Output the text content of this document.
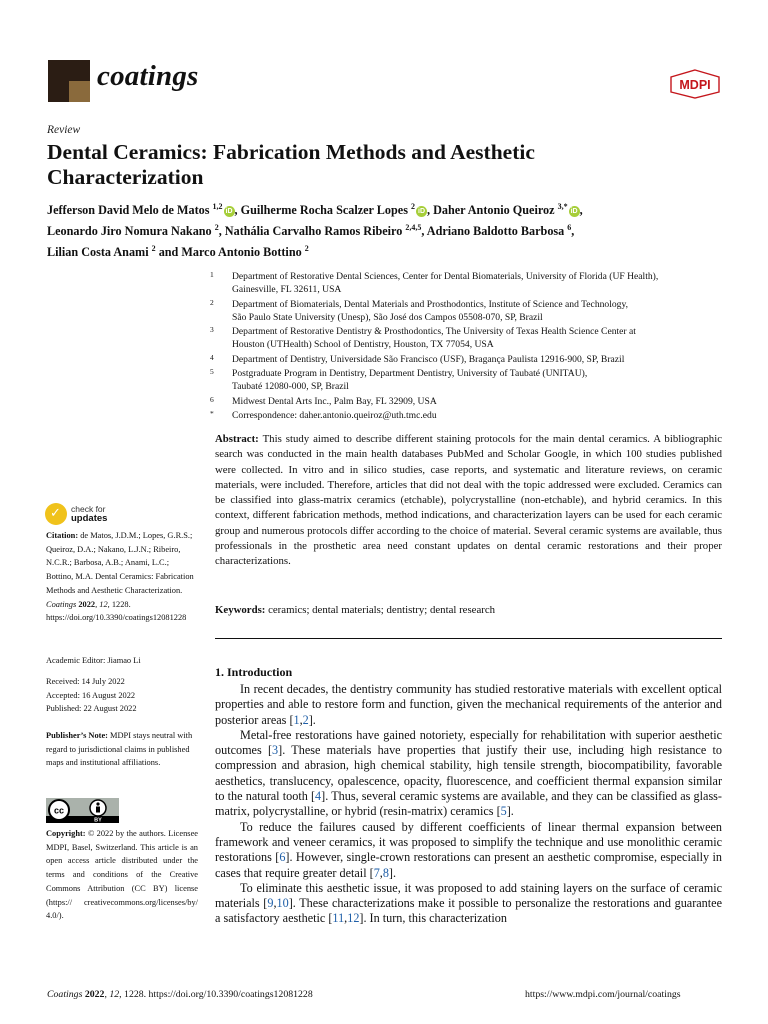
coatings	MDPI
Review
Dental Ceramics: Fabrication Methods and Aesthetic Characterization
Jefferson David Melo de Matos $^{1,2}$iD , Guilherme Rocha Scalzer Lopes $^2$iD , Daher Antonio Queiroz $^{3,*}$iD ,
Leonardo Jiro Nomura Nakano $^2$, Nathália Carvalho Ramos Ribeiro $^{2,4,5}$, Adriano Baldotto Barbosa $^6$,
Lilian Costa Anami $^2$ and Marco Antonio Bottino $^2$
1 Department of Restorative Dental Sciences, Center for Dental Biomaterials, University of Florida (UF Health),
Gainesville, FL 32611, USA
2 Department of Biomaterials, Dental Materials and Prosthodontics, Institute of Science and Technology,
São Paulo State University (Unesp), São José dos Campos 05508-070, SP, Brazil
3 Department of Restorative Dentistry & Prosthodontics, The University of Texas Health Science Center at
Houston (UTHealth) School of Dentistry, Houston, TX 77054, USA
4 Department of Dentistry, Universidade São Francisco (USF), Bragança Paulista 12916-900, SP, Brazil
5 Postgraduate Program in Dentistry, Department Dentistry, University of Taubaté (UNITAU),
Taubaté 12080-000, SP, Brazil
6 Midwest Dental Arts Inc., Palm Bay, FL 32909, USA
* Correspondence: daher.antonio.queiroz@uth.tmc.edu
Abstract: This study aimed to describe different staining protocols for the main dental ceramics. A bibliographic search was conducted in the main health databases PubMed and Scholar Google, in which 100 studies published were collected. In vitro and in silico studies, case reports, and systematic and literature reviews, on ceramic materials, were included. Therefore, articles that did not deal with the topic addressed were excluded. Ceramics can be classified into glass-matrix ceramics (etchable), polycrystalline (non-etchable), and hybrid ceramics. In this context, different fabrication methods, method indications, and characterization layers can be used for each ceramic group and numerous protocols differ according to the choice of material. Several ceramic systems are available, thus professionals in the prosthetic area need constant updates on dental ceramic restorations and their proper characterizations.
Keywords: ceramics; dental materials; dentistry; dental research
✓ check for
updates
Citation: de Matos, J.D.M.; Lopes, G.R.S.; Queiroz, D.A.; Nakano, L.J.N.; Ribeiro, N.C.R.; Barbosa, A.B.; Anami, L.C.; Bottino, M.A. Dental Ceramics: Fabrication Methods and Aesthetic Characterization. Coatings 2022, 12, 1228. https://doi.org/10.3390/coatings12081228
Academic Editor: Jiamao Li
Received: 14 July 2022
Accepted: 16 August 2022
Published: 22 August 2022
Publisher’s Note: MDPI stays neutral with regard to jurisdictional claims in published maps and institutional affiliations.
cc
BY
Copyright: © 2022 by the authors. Licensee MDPI, Basel, Switzerland. This article is an open access article distributed under the terms and conditions of the Creative Commons Attribution (CC BY) license (https:// creativecommons.org/licenses/by/ 4.0/).
1. Introduction

In recent decades, the dentistry community has studied restorative materials with excellent optical properties and able to restore form and function, given the mechanical requirements of the anterior and posterior areas [1,2].

Metal-free restorations have gained notoriety, especially for rehabilitation with superior aesthetic outcomes [3]. These materials have properties that justify their use, including high resistance to compression and abrasion, high chemical stability, high tensile strength, biocompatibility, favorable aesthetics, translucency, opalescence, opacity, fluorescence, and coefficient thermal expansion similar to the natural tooth [4]. Thus, several ceramic systems are available, and they can be classified as glass-matrix, polycrystalline, or hybrid (resin-matrix) ceramics [5].

To reduce the failures caused by different coefficients of linear thermal expansion between framework and veneer ceramics, it was proposed to simplify the technique and use monolithic ceramic restorations [6]. However, single-crown restorations can present an aesthetic compromise, especially in cases that require greater detail [7,8].

To eliminate this aesthetic issue, it was proposed to add staining layers on the surface of ceramic materials [9,10]. These characterizations make it possible to personalize the restorations and guarantee a satisfactory aesthetic [11,12]. In turn, this characterization

Coatings 2022, 12, 1228. https://doi.org/10.3390/coatings12081228	https://www.mdpi.com/journal/coatings
